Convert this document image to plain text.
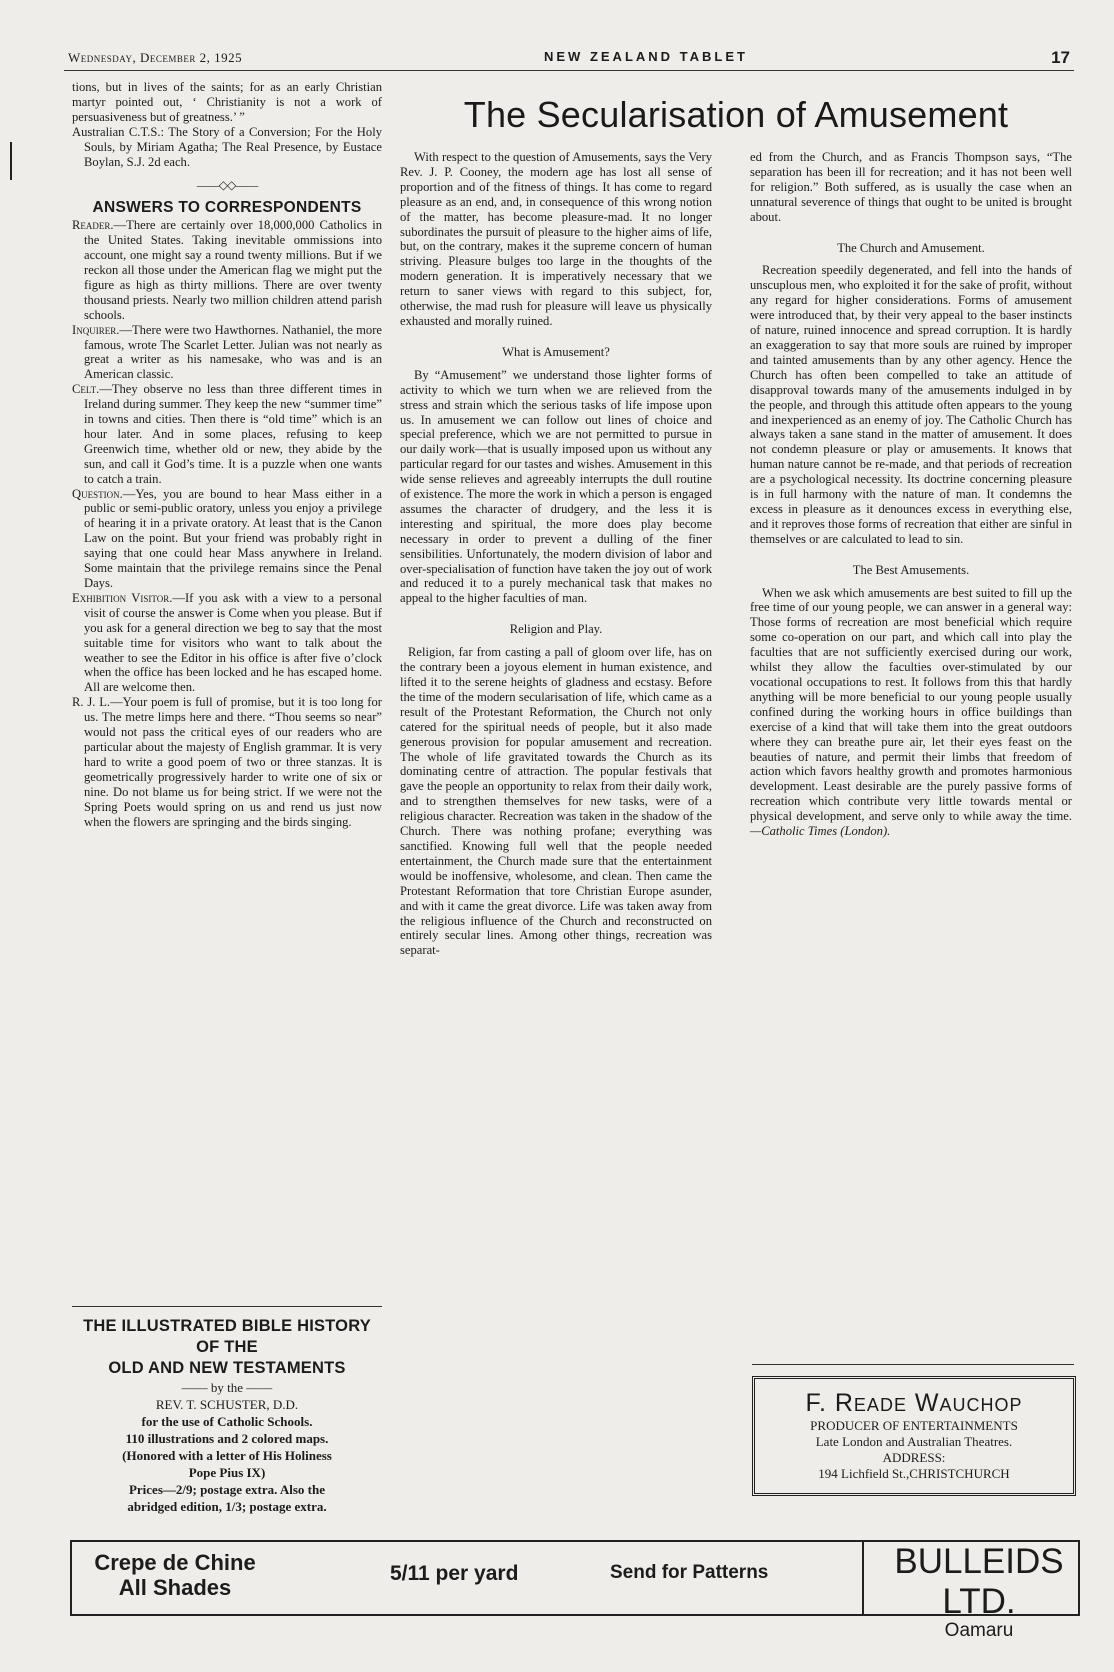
Wednesday, December 2, 1925	NEW ZEALAND TABLET	17

tions, but in lives of the saints; for as an early Christian martyr pointed out, ‘ Christianity is not a work of persuasiveness but of greatness.’ ”

Australian C.T.S.: The Story of a Conversion; For the Holy Souls, by Miriam Agatha; The Real Presence, by Eustace Boylan, S.J. 2d each.

——◇◇——
ANSWERS TO CORRESPONDENTS

Reader.—There are certainly over 18,000,000 Catholics in the United States. Taking inevitable ommissions into account, one might say a round twenty millions. But if we reckon all those under the American flag we might put the figure as high as thirty millions. There are over twenty thousand priests. Nearly two million children attend parish schools.

Inquirer.—There were two Hawthornes. Nathaniel, the more famous, wrote The Scarlet Letter. Julian was not nearly as great a writer as his namesake, who was and is an American classic.

Celt.—They observe no less than three different times in Ireland during summer. They keep the new “summer time” in towns and cities. Then there is “old time” which is an hour later. And in some places, refusing to keep Greenwich time, whether old or new, they abide by the sun, and call it God’s time. It is a puzzle when one wants to catch a train.

Question.—Yes, you are bound to hear Mass either in a public or semi-public oratory, unless you enjoy a privilege of hearing it in a private oratory. At least that is the Canon Law on the point. But your friend was probably right in saying that one could hear Mass anywhere in Ireland. Some maintain that the privilege remains since the Penal Days.

Exhibition Visitor.—If you ask with a view to a personal visit of course the answer is Come when you please. But if you ask for a general direction we beg to say that the most suitable time for visitors who want to talk about the weather to see the Editor in his office is after five o’clock when the office has been locked and he has escaped home. All are welcome then.

R. J. L.—Your poem is full of promise, but it is too long for us. The metre limps here and there. “Thou seems so near” would not pass the critical eyes of our readers who are particular about the majesty of English grammar. It is very hard to write a good poem of two or three stanzas. It is geometrically progressively harder to write one of six or nine. Do not blame us for being strict. If we were not the Spring Poets would spring on us and rend us just now when the flowers are springing and the birds singing.

THE ILLUSTRATED BIBLE HISTORY OF THE
OLD AND NEW TESTAMENTS
—— by the ——
REV. T. SCHUSTER, D.D.
for the use of Catholic Schools.
110 illustrations and 2 colored maps.
(Honored with a letter of His Holiness
Pope Pius IX)
Prices—2/9; postage extra. Also the
abridged edition, 1/3; postage extra.
The Secularisation of Amusement

With respect to the question of Amusements, says the Very Rev. J. P. Cooney, the modern age has lost all sense of proportion and of the fitness of things. It has come to regard pleasure as an end, and, in consequence of this wrong notion of the matter, has become pleasure-mad. It no longer subordinates the pursuit of pleasure to the higher aims of life, but, on the contrary, makes it the supreme concern of human striving. Pleasure bulges too large in the thoughts of the modern generation. It is imperatively necessary that we return to saner views with regard to this subject, for, otherwise, the mad rush for pleasure will leave us physically exhausted and morally ruined.

What is Amusement?

By “Amusement” we understand those lighter forms of activity to which we turn when we are relieved from the stress and strain which the serious tasks of life impose upon us. In amusement we can follow out lines of choice and special preference, which we are not permitted to pursue in our daily work—that is usually imposed upon us without any particular regard for our tastes and wishes. Amusement in this wide sense relieves and agreeably interrupts the dull routine of existence. The more the work in which a person is engaged assumes the character of drudgery, and the less it is interesting and spiritual, the more does play become necessary in order to prevent a dulling of the finer sensibilities. Unfortunately, the modern division of labor and over-specialisation of function have taken the joy out of work and reduced it to a purely mechanical task that makes no appeal to the higher faculties of man.

Religion and Play.

Religion, far from casting a pall of gloom over life, has on the contrary been a joyous element in human existence, and lifted it to the serene heights of gladness and ecstasy. Before the time of the modern secularisation of life, which came as a result of the Protestant Reformation, the Church not only catered for the spiritual needs of people, but it also made generous provision for popular amusement and recreation. The whole of life gravitated towards the Church as its dominating centre of attraction. The popular festivals that gave the people an opportunity to relax from their daily work, and to strengthen themselves for new tasks, were of a religious character. Recreation was taken in the shadow of the Church. There was nothing profane; everything was sanctified. Knowing full well that the people needed entertainment, the Church made sure that the entertainment would be inoffensive, wholesome, and clean. Then came the Protestant Reformation that tore Christian Europe asunder, and with it came the great divorce. Life was taken away from the religious influence of the Church and reconstructed on entirely secular lines. Among other things, recreation was separat-

ed from the Church, and as Francis Thompson says, “The separation has been ill for recreation; and it has not been well for religion.” Both suffered, as is usually the case when an unnatural severence of things that ought to be united is brought about.

The Church and Amusement.

Recreation speedily degenerated, and fell into the hands of unscuplous men, who exploited it for the sake of profit, without any regard for higher considerations. Forms of amusement were introduced that, by their very appeal to the baser instincts of nature, ruined innocence and spread corruption. It is hardly an exaggeration to say that more souls are ruined by improper and tainted amusements than by any other agency. Hence the Church has often been compelled to take an attitude of disapproval towards many of the amusements indulged in by the people, and through this attitude often appears to the young and inexperienced as an enemy of joy. The Catholic Church has always taken a sane stand in the matter of amusement. It does not condemn pleasure or play or amusements. It knows that human nature cannot be re-made, and that periods of recreation are a psychological necessity. Its doctrine concerning pleasure is in full harmony with the nature of man. It condemns the excess in pleasure as it denounces excess in everything else, and it reproves those forms of recreation that either are sinful in themselves or are calculated to lead to sin.

The Best Amusements.

When we ask which amusements are best suited to fill up the free time of our young people, we can answer in a general way: Those forms of recreation are most beneficial which require some co-operation on our part, and which call into play the faculties that are not sufficiently exercised during our work, whilst they allow the faculties over-stimulated by our vocational occupations to rest. It follows from this that hardly anything will be more beneficial to our young people usually confined during the working hours in office buildings than exercise of a kind that will take them into the great outdoors where they can breathe pure air, let their eyes feast on the beauties of nature, and permit their limbs that freedom of action which favors healthy growth and promotes harmonious development. Least desirable are the purely passive forms of recreation which contribute very little towards mental or physical development, and serve only to while away the time.—Catholic Times (London).

F. Reade Wauchop
PRODUCER OF ENTERTAINMENTS
Late London and Australian Theatres.
ADDRESS:
194 Lichfield St.,CHRISTCHURCH
Crepe de Chine
All Shades
5/11 per yard	Send for Patterns	BULLEIDS LTD.
Oamaru
